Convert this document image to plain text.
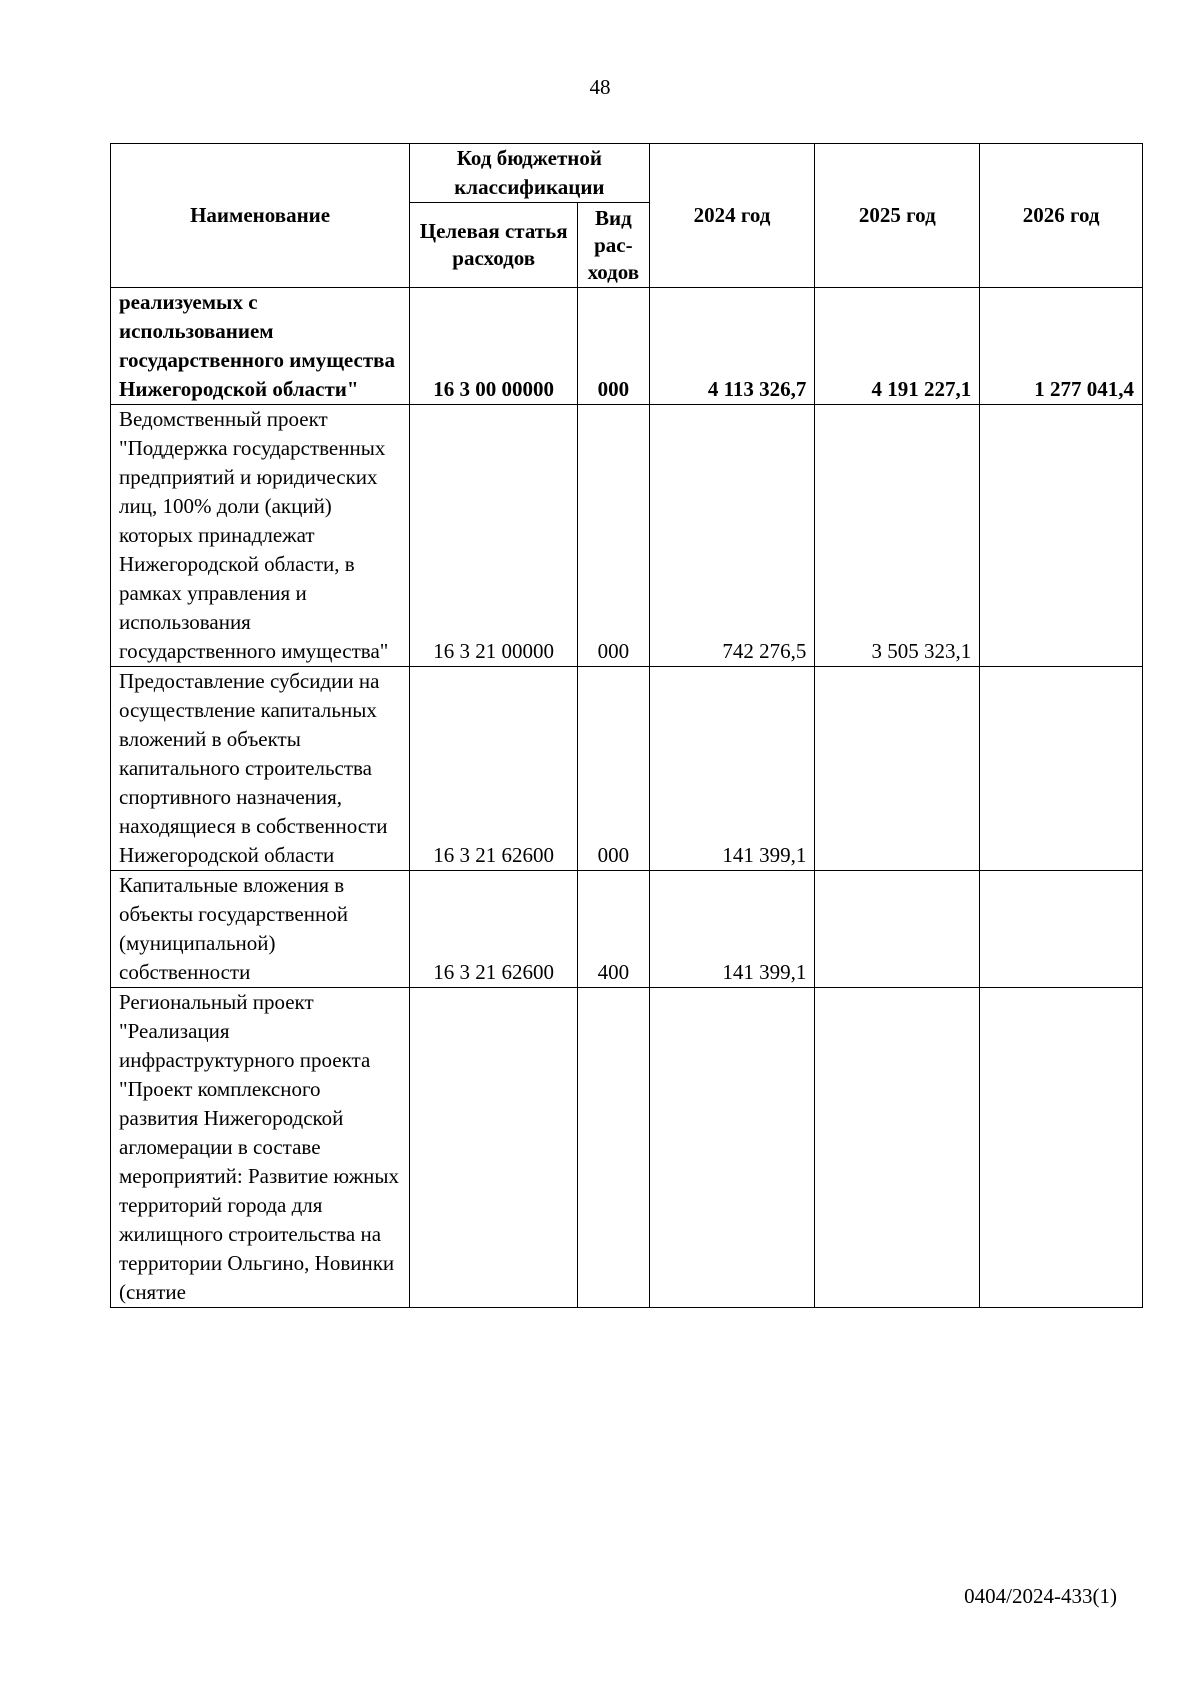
48
Наименование	Код бюджетной классификации		2024 год	2025 год	2026 год
	Целевая статья расходов	Вид рас- ходов			
реализуемых с использованием государственного имущества Нижегородской области"	16 3 00 00000	000	4 113 326,7	4 191 227,1	1 277 041,4
Ведомственный проект "Поддержка государственных предприятий и юридических лиц, 100% доли (акций) которых принадлежат Нижегородской области, в рамках управления и использования государственного имущества"	16 3 21 00000	000	742 276,5	3 505 323,1	
Предоставление субсидии на осуществление капитальных вложений в объекты капитального строительства спортивного назначения, находящиеся в собственности Нижегородской области	16 3 21 62600	000	141 399,1		
Капитальные вложения в объекты государственной (муниципальной) собственности	16 3 21 62600	400	141 399,1		
Региональный проект "Реализация инфраструктурного проекта "Проект комплексного развития Нижегородской агломерации в составе мероприятий: Развитие южных территорий города для жилищного строительства на территории Ольгино, Новинки (снятие					
0404/2024-433(1)
